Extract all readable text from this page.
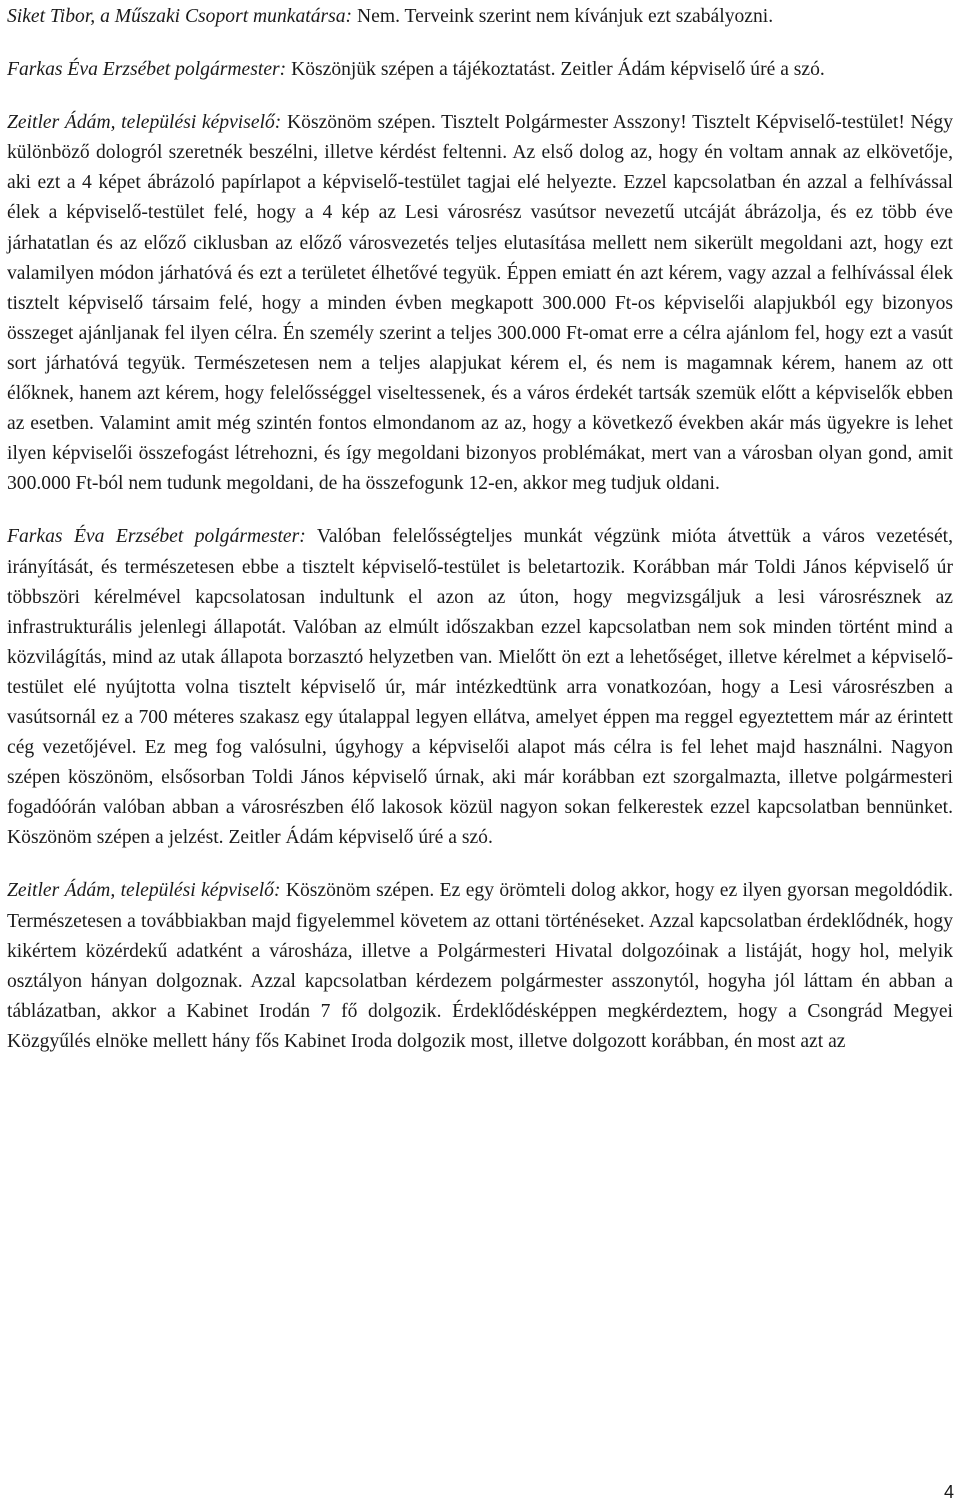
Siket Tibor, a Műszaki Csoport munkatársa: Nem. Terveink szerint nem kívánjuk ezt szabályozni.

Farkas Éva Erzsébet polgármester: Köszönjük szépen a tájékoztatást. Zeitler Ádám képviselő úré a szó.

Zeitler Ádám, települési képviselő: Köszönöm szépen. Tisztelt Polgármester Asszony! Tisztelt Képviselő-testület! Négy különböző dologról szeretnék beszélni, illetve kérdést feltenni. Az első dolog az, hogy én voltam annak az elkövetője, aki ezt a 4 képet ábrázoló papírlapot a képviselő-testület tagjai elé helyezte. Ezzel kapcsolatban én azzal a felhívással élek a képviselő-testület felé, hogy a 4 kép az Lesi városrész vasútsor nevezetű utcáját ábrázolja, és ez több éve járhatatlan és az előző ciklusban az előző városvezetés teljes elutasítása mellett nem sikerült megoldani azt, hogy ezt valamilyen módon járhatóvá és ezt a területet élhetővé tegyük. Éppen emiatt én azt kérem, vagy azzal a felhívással élek tisztelt képviselő társaim felé, hogy a minden évben megkapott 300.000 Ft-os képviselői alapjukból egy bizonyos összeget ajánljanak fel ilyen célra. Én személy szerint a teljes 300.000 Ft-omat erre a célra ajánlom fel, hogy ezt a vasút sort járhatóvá tegyük. Természetesen nem a teljes alapjukat kérem el, és nem is magamnak kérem, hanem az ott élőknek, hanem azt kérem, hogy felelősséggel viseltessenek, és a város érdekét tartsák szemük előtt a képviselők ebben az esetben. Valamint amit még szintén fontos elmondanom az az, hogy a következő években akár más ügyekre is lehet ilyen képviselői összefogást létrehozni, és így megoldani bizonyos problémákat, mert van a városban olyan gond, amit 300.000 Ft-ból nem tudunk megoldani, de ha összefogunk 12-en, akkor meg tudjuk oldani.

Farkas Éva Erzsébet polgármester: Valóban felelősségteljes munkát végzünk mióta átvettük a város vezetését, irányítását, és természetesen ebbe a tisztelt képviselő-testület is beletartozik. Korábban már Toldi János képviselő úr többszöri kérelmével kapcsolatosan indultunk el azon az úton, hogy megvizsgáljuk a lesi városrésznek az infrastrukturális jelenlegi állapotát. Valóban az elmúlt időszakban ezzel kapcsolatban nem sok minden történt mind a közvilágítás, mind az utak állapota borzasztó helyzetben van. Mielőtt ön ezt a lehetőséget, illetve kérelmet a képviselő-testület elé nyújtotta volna tisztelt képviselő úr, már intézkedtünk arra vonatkozóan, hogy a Lesi városrészben a vasútsornál ez a 700 méteres szakasz egy útalappal legyen ellátva, amelyet éppen ma reggel egyeztettem már az érintett cég vezetőjével. Ez meg fog valósulni, úgyhogy a képviselői alapot más célra is fel lehet majd használni. Nagyon szépen köszönöm, elsősorban Toldi János képviselő úrnak, aki már korábban ezt szorgalmazta, illetve polgármesteri fogadóórán valóban abban a városrészben élő lakosok közül nagyon sokan felkerestek ezzel kapcsolatban bennünket. Köszönöm szépen a jelzést. Zeitler Ádám képviselő úré a szó.

Zeitler Ádám, települési képviselő: Köszönöm szépen. Ez egy örömteli dolog akkor, hogy ez ilyen gyorsan megoldódik. Természetesen a továbbiakban majd figyelemmel követem az ottani történéseket. Azzal kapcsolatban érdeklődnék, hogy kikértem közérdekű adatként a városháza, illetve a Polgármesteri Hivatal dolgozóinak a listáját, hogy hol, melyik osztályon hányan dolgoznak. Azzal kapcsolatban kérdezem polgármester asszonytól, hogyha jól láttam én abban a táblázatban, akkor a Kabinet Irodán 7 fő dolgozik. Érdeklődésképpen megkérdeztem, hogy a Csongrád Megyei Közgyűlés elnöke mellett hány fős Kabinet Iroda dolgozik most, illetve dolgozott korábban, én most azt az

4
